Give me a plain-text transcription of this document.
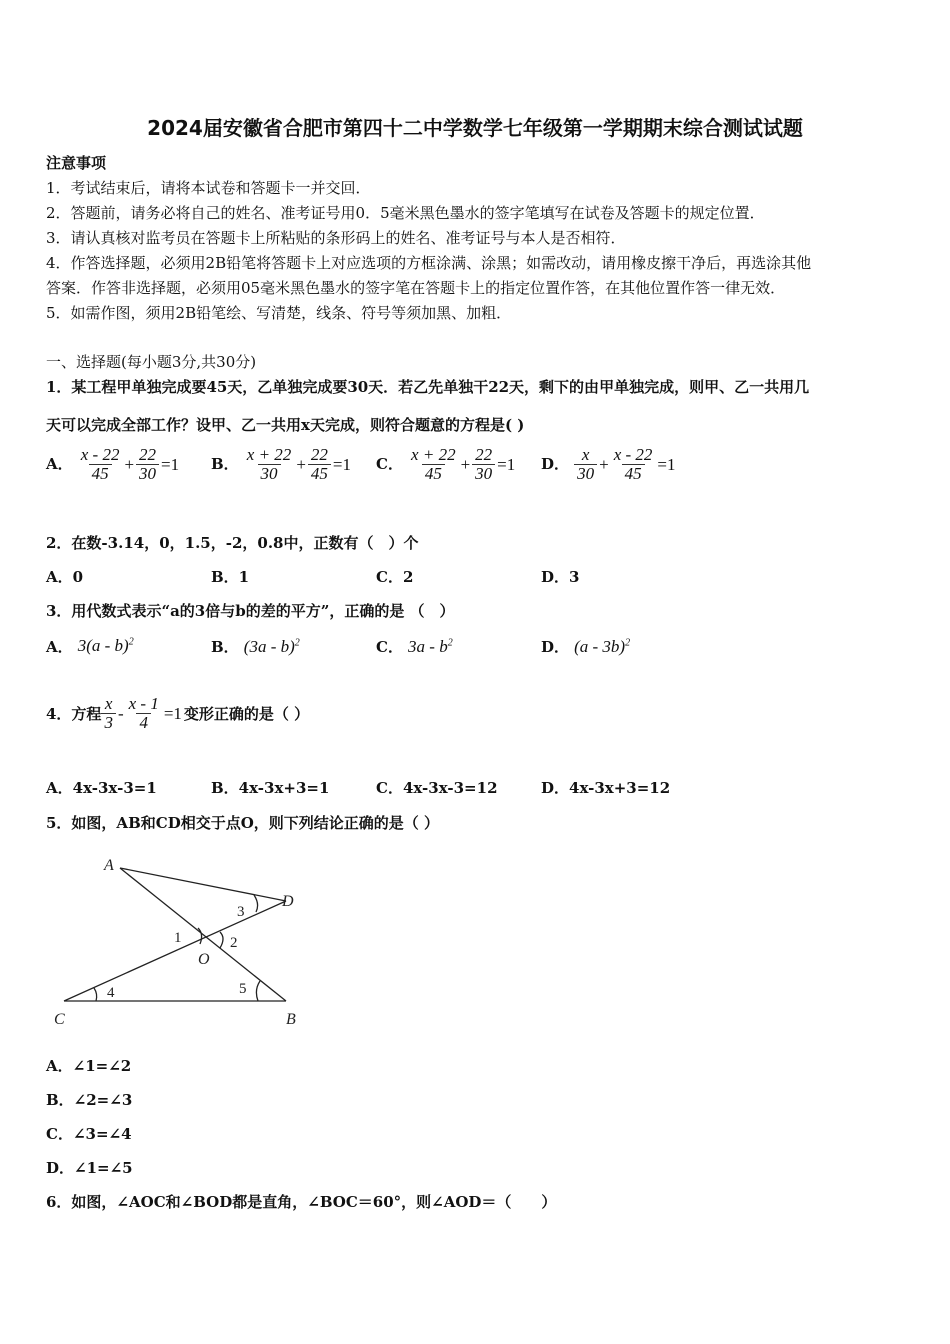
2024届安徽省合肥市第四十二中学数学七年级第一学期期末综合测试试题
注意事项
1．考试结束后，请将本试卷和答题卡一并交回．
2．答题前，请务必将自己的姓名、准考证号用0．5毫米黑色墨水的签字笔填写在试卷及答题卡的规定位置．
3．请认真核对监考员在答题卡上所粘贴的条形码上的姓名、准考证号与本人是否相符．
4．作答选择题，必须用2B铅笔将答题卡上对应选项的方框涂满、涂黑；如需改动，请用橡皮擦干净后，再选涂其他
答案．作答非选择题，必须用05毫米黑色墨水的签字笔在答题卡上的指定位置作答，在其他位置作答一律无效．
5．如需作图，须用2B铅笔绘、写清楚，线条、符号等须加黑、加粗．
一、选择题(每小题3分,共30分)
1．某工程甲单独完成要45天，乙单独完成要30天．若乙先单独干22天，剩下的由甲单独完成，则甲、乙一共用几
天可以完成全部工作？设甲、乙一共用x天完成，则符合题意的方程是( )
A． $\frac{x - 22}{45} + \frac{22}{30} =1$ B． $\frac{x + 22}{30} + \frac{22}{45} =1$ C． $\frac{x + 22}{45} + \frac{22}{30} =1$ D． $\frac{x}{30} + \frac{x - 22}{45} =1$
2．在数-3.14，0，1.5，-2，0.8中，正数有（　）个
A．0	B．1	C．2	D．3
3．用代数式表示“a的3倍与b的差的平方”，正确的是 （　）
A． 3(a - b)$^2$	B． (3a - b)$^2$	C． $3a - b^2$	D． (a - 3b)$^2$
4．方程 $\frac{x}{3} - \frac{x - 1}{4} =1$ 变形正确的是（ ）
A．4x-3x-3=1	B．4x-3x+3=1	C．4x-3x-3=12	D．4x-3x+3=12
5．如图，AB和CD相交于点O，则下列结论正确的是（ ）
A
D
C	B
O
1	2
3
4	5
A．∠1=∠2
B．∠2=∠3
C．∠3=∠4
D．∠1=∠5
6．如图，∠AOC和∠BOD都是直角，∠BOC＝60°，则∠AOD＝（　　）
